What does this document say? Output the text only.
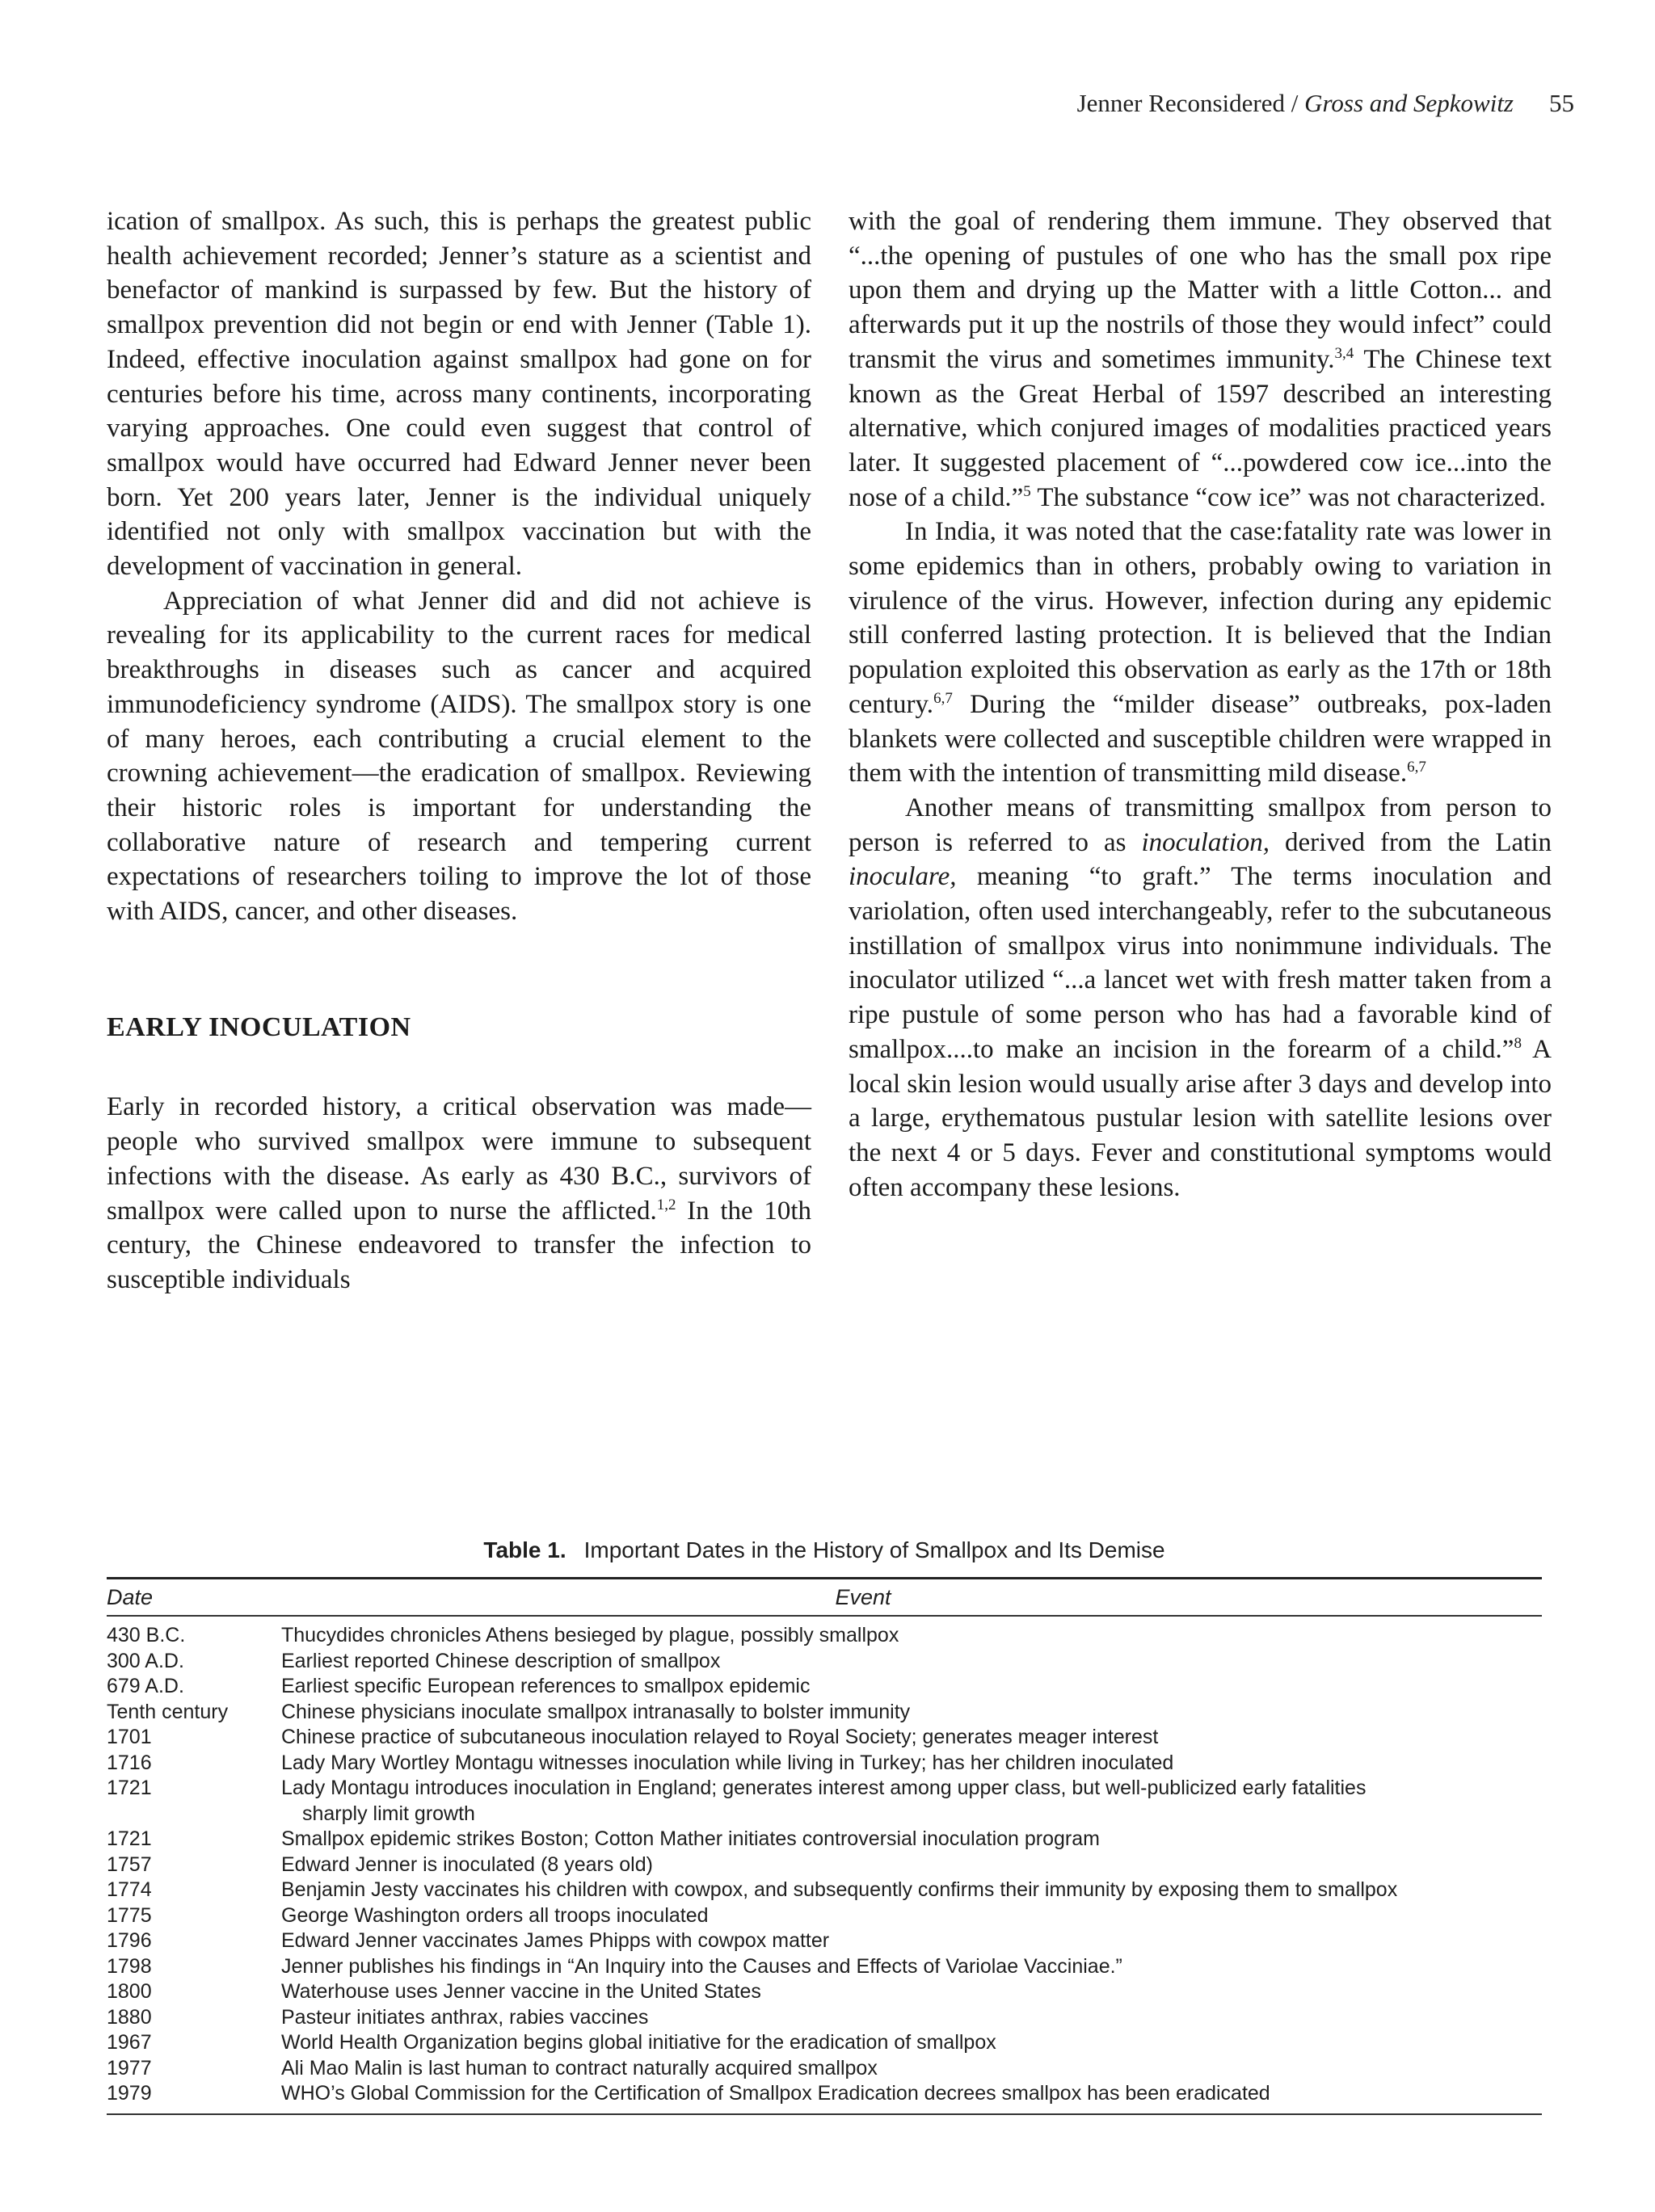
Jenner Reconsidered / Gross and Sepkowitz 55

ication of smallpox. As such, this is perhaps the greatest public health achievement recorded; Jenner’s stature as a scientist and benefactor of mankind is surpassed by few. But the history of smallpox prevention did not begin or end with Jenner (Table 1). Indeed, effective inoculation against smallpox had gone on for centuries before his time, across many continents, incorporating varying approaches. One could even suggest that control of smallpox would have occurred had Edward Jenner never been born. Yet 200 years later, Jenner is the individual uniquely identified not only with smallpox vaccination but with the development of vaccination in general.

Appreciation of what Jenner did and did not achieve is revealing for its applicability to the current races for medical breakthroughs in diseases such as cancer and acquired immunodeficiency syndrome (AIDS). The smallpox story is one of many heroes, each contributing a crucial element to the crowning achievement—the eradication of smallpox. Reviewing their historic roles is important for understanding the collaborative nature of research and tempering current expectations of researchers toiling to improve the lot of those with AIDS, cancer, and other diseases.

EARLY INOCULATION

Early in recorded history, a critical observation was made—people who survived smallpox were immune to subsequent infections with the disease. As early as 430 B.C., survivors of smallpox were called upon to nurse the afflicted.$^{1,2}$ In the 10th century, the Chinese endeavored to transfer the infection to susceptible individuals

with the goal of rendering them immune. They observed that “...the opening of pustules of one who has the small pox ripe upon them and drying up the Matter with a little Cotton... and afterwards put it up the nostrils of those they would infect” could transmit the virus and sometimes immunity.$^{3,4}$ The Chinese text known as the Great Herbal of 1597 described an interesting alternative, which conjured images of modalities practiced years later. It suggested placement of “...powdered cow ice...into the nose of a child.”$^5$ The substance “cow ice” was not characterized.

In India, it was noted that the case:fatality rate was lower in some epidemics than in others, probably owing to variation in virulence of the virus. However, infection during any epidemic still conferred lasting protection. It is believed that the Indian population exploited this observation as early as the 17th or 18th century.$^{6,7}$ During the “milder disease” outbreaks, pox-laden blankets were collected and susceptible children were wrapped in them with the intention of transmitting mild disease.$^{6,7}$

Another means of transmitting smallpox from person to person is referred to as inoculation, derived from the Latin inoculare, meaning “to graft.” The terms inoculation and variolation, often used interchangeably, refer to the subcutaneous instillation of smallpox virus into nonimmune individuals. The inoculator utilized “...a lancet wet with fresh matter taken from a ripe pustule of some person who has had a favorable kind of smallpox....to make an incision in the forearm of a child.”$^8$ A local skin lesion would usually arise after 3 days and develop into a large, erythematous pustular lesion with satellite lesions over the next 4 or 5 days. Fever and constitutional symptoms would often accompany these lesions.

Table 1. Important Dates in the History of Smallpox and Its Demise
Date	Event
430 B.C.	Thucydides chronicles Athens besieged by plague, possibly smallpox
300 A.D.	Earliest reported Chinese description of smallpox
679 A.D.	Earliest specific European references to smallpox epidemic
Tenth century	Chinese physicians inoculate smallpox intranasally to bolster immunity
1701	Chinese practice of subcutaneous inoculation relayed to Royal Society; generates meager interest
1716	Lady Mary Wortley Montagu witnesses inoculation while living in Turkey; has her children inoculated
1721	Lady Montagu introduces inoculation in England; generates interest among upper class, but well-publicized early fatalities
sharply limit growth
1721	Smallpox epidemic strikes Boston; Cotton Mather initiates controversial inoculation program
1757	Edward Jenner is inoculated (8 years old)
1774	Benjamin Jesty vaccinates his children with cowpox, and subsequently confirms their immunity by exposing them to smallpox
1775	George Washington orders all troops inoculated
1796	Edward Jenner vaccinates James Phipps with cowpox matter
1798	Jenner publishes his findings in “An Inquiry into the Causes and Effects of Variolae Vacciniae.”
1800	Waterhouse uses Jenner vaccine in the United States
1880	Pasteur initiates anthrax, rabies vaccines
1967	World Health Organization begins global initiative for the eradication of smallpox
1977	Ali Mao Malin is last human to contract naturally acquired smallpox
1979	WHO’s Global Commission for the Certification of Smallpox Eradication decrees smallpox has been eradicated
